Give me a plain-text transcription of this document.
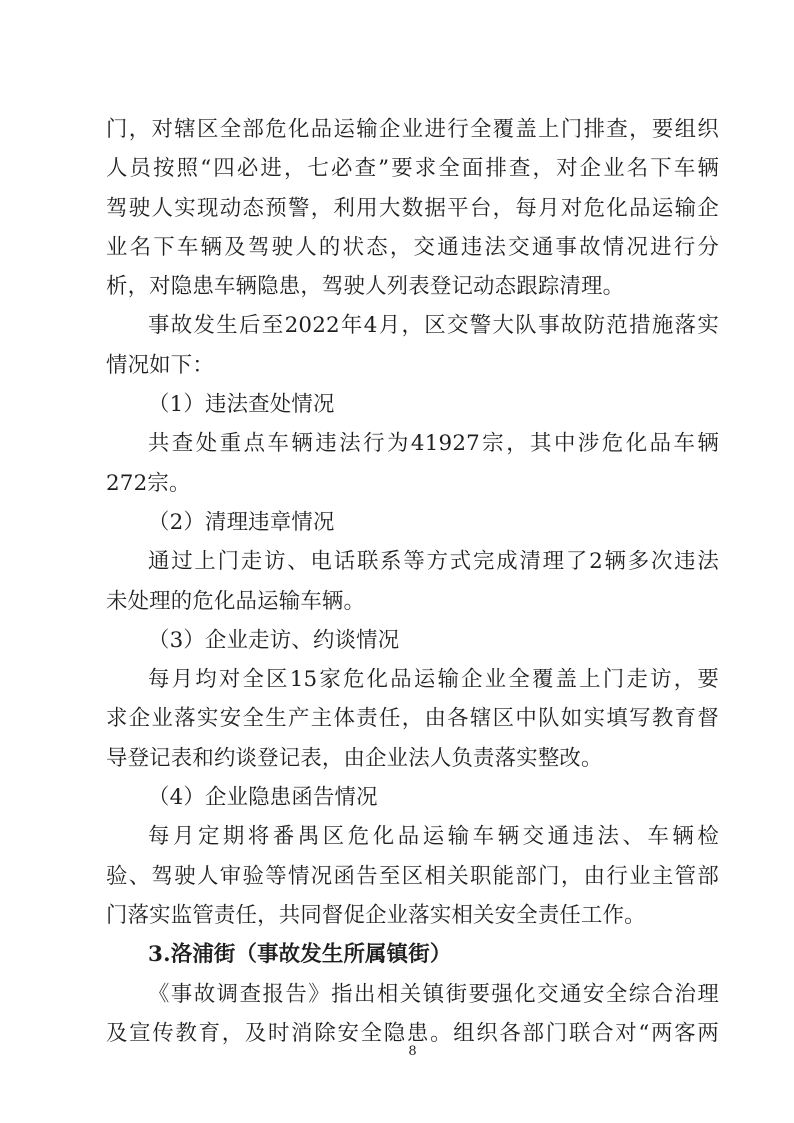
门，对辖区全部危化品运输企业进行全覆盖上门排查，要组织
人员按照“四必进，七必查”要求全面排查，对企业名下车辆
驾驶人实现动态预警，利用大数据平台，每月对危化品运输企
业名下车辆及驾驶人的状态，交通违法交通事故情况进行分
析，对隐患车辆隐患，驾驶人列表登记动态跟踪清理。
事故发生后至2022年4月，区交警大队事故防范措施落实
情况如下：
（1）违法查处情况
共查处重点车辆违法行为41927宗，其中涉危化品车辆
272宗。
（2）清理违章情况
通过上门走访、电话联系等方式完成清理了2辆多次违法
未处理的危化品运输车辆。
（3）企业走访、约谈情况
每月均对全区15家危化品运输企业全覆盖上门走访，要
求企业落实安全生产主体责任，由各辖区中队如实填写教育督
导登记表和约谈登记表，由企业法人负责落实整改。
（4）企业隐患函告情况
每月定期将番禺区危化品运输车辆交通违法、车辆检
验、驾驶人审验等情况函告至区相关职能部门，由行业主管部
门落实监管责任，共同督促企业落实相关安全责任工作。
3.洛浦街（事故发生所属镇街）
《事故调查报告》指出相关镇街要强化交通安全综合治理
及宣传教育，及时消除安全隐患。组织各部门联合对“两客两
8
